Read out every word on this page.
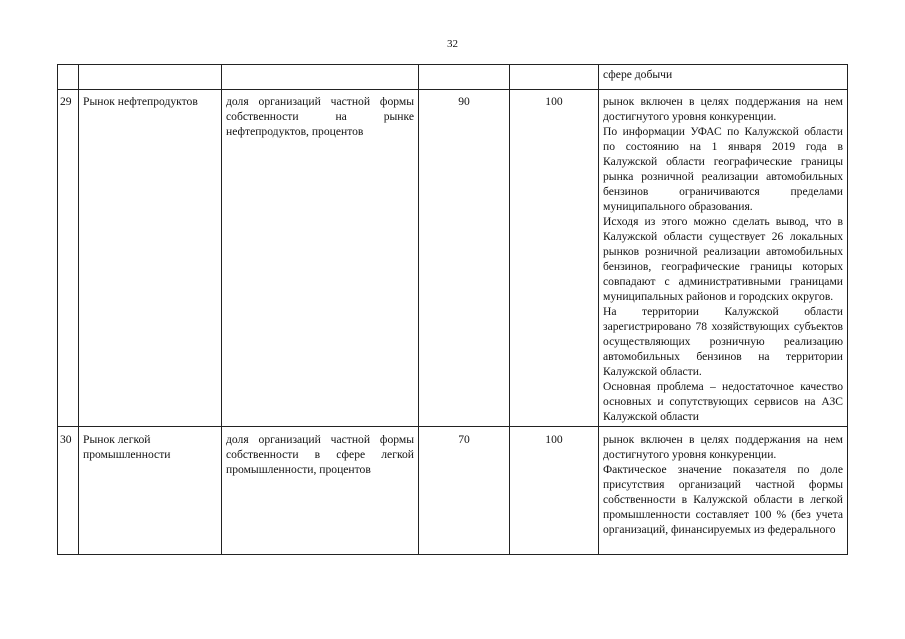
32
					сфере добычи
29	Рынок нефтепродуктов	доля организаций частной формы собственности на рынке нефтепродуктов, процентов	90	100	рынок включен в целях поддержания на нем достигнутого уровня конкуренции.

По информации УФАС по Калужской области по состоянию на 1 января 2019 года в Калужской области географические границы рынка розничной реализации автомобильных бензинов ограничиваются пределами муниципального образования.

Исходя из этого можно сделать вывод, что в Калужской области существует 26 локальных рынков розничной реализации автомобильных бензинов, географические границы которых совпадают с административными границами муниципальных районов и городских округов.

На территории Калужской области зарегистрировано 78 хозяйствующих субъектов осуществляющих розничную реализацию автомобильных бензинов на территории Калужской области.

Основная проблема – недостаточное качество основных и сопутствующих сервисов на АЗС Калужской области

30	Рынок легкой промышленности	доля организаций частной формы собственности в сфере легкой промышленности, процентов	70	100	рынок включен в целях поддержания на нем достигнутого уровня конкуренции.

Фактическое значение показателя по доле присутствия организаций частной формы собственности в Калужской области в легкой промышленности составляет 100 % (без учета организаций, финансируемых из федерального
